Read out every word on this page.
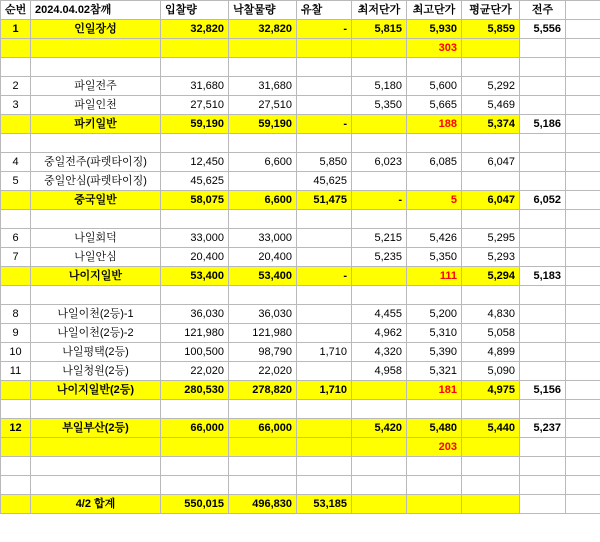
순번	2024.04.02참깨	입찰량	낙찰물량	유찰	최저단가	최고단가	평균단가	전주	
1	인일장성	32,820	32,820	-	5,815	5,930	5,859	5,556	
						303			

2	파일전주	31,680	31,680		5,180	5,600	5,292		
3	파일인천	27,510	27,510		5,350	5,665	5,469		
	파키일반	59,190	59,190	-		188	5,374	5,186	

4	중일전주(파렛타이징)	12,450	6,600	5,850	6,023	6,085	6,047		
5	중일안심(파렛타이징)	45,625		45,625					
	중국일반	58,075	6,600	51,475	-	5	6,047	6,052	

6	나일회덕	33,000	33,000		5,215	5,426	5,295		
7	나일안심	20,400	20,400		5,235	5,350	5,293		
	나이지일반	53,400	53,400	-		111	5,294	5,183	

8	나일이천(2등)-1	36,030	36,030		4,455	5,200	4,830		
9	나일이천(2등)-2	121,980	121,980		4,962	5,310	5,058		
10	나일평택(2등)	100,500	98,790	1,710	4,320	5,390	4,899		
11	나일청원(2등)	22,020	22,020		4,958	5,321	5,090		
	나이지일반(2등)	280,530	278,820	1,710		181	4,975	5,156	

12	부일부산(2등)	66,000	66,000		5,420	5,480	5,440	5,237	
						203			

	4/2 합계	550,015	496,830	53,185					
